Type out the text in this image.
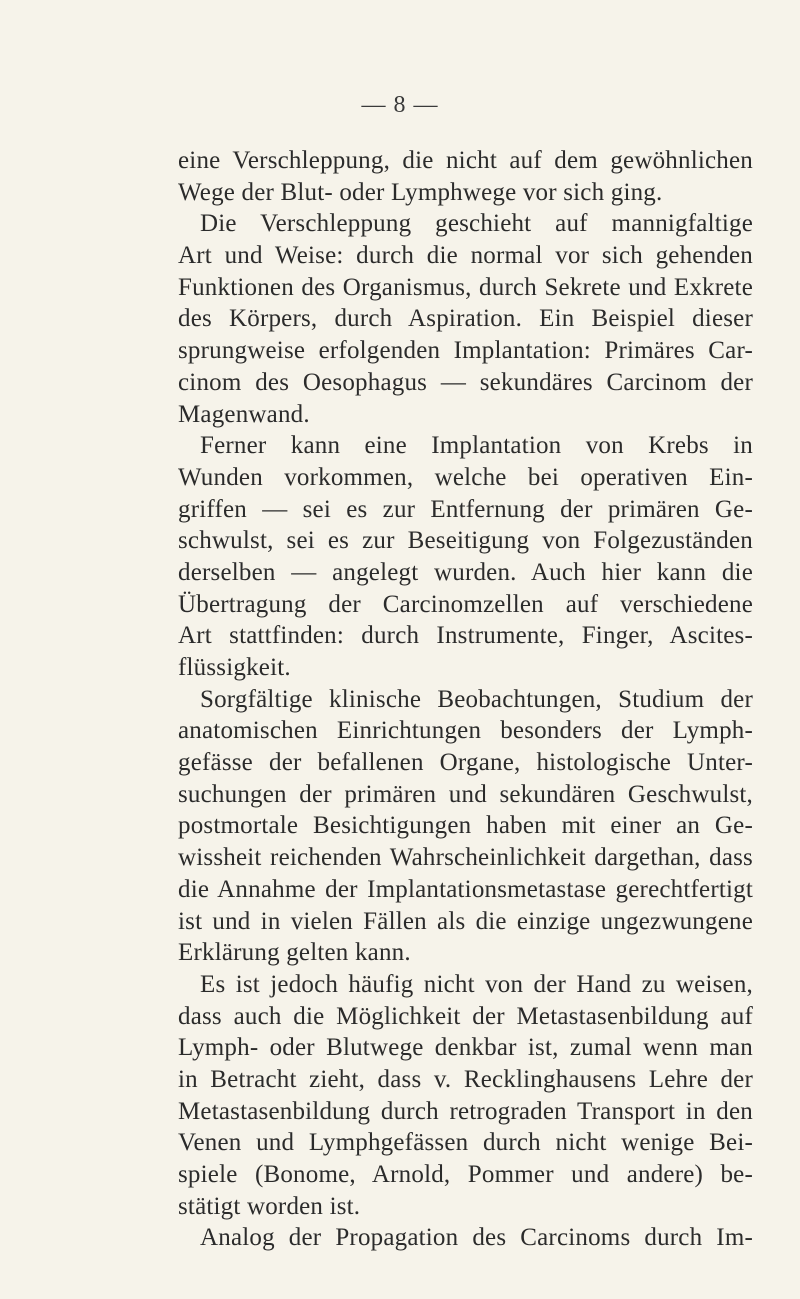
— 8 —
eine Verschleppung, die nicht auf dem gewöhnlichen
Wege der Blut- oder Lymphwege vor sich ging.
Die Verschleppung geschieht auf mannigfaltige
Art und Weise: durch die normal vor sich gehenden
Funktionen des Organismus, durch Sekrete und Exkrete
des Körpers, durch Aspiration. Ein Beispiel dieser
sprungweise erfolgenden Implantation: Primäres Car-
cinom des Oesophagus — sekundäres Carcinom der
Magenwand.
Ferner kann eine Implantation von Krebs in
Wunden vorkommen, welche bei operativen Ein-
griffen — sei es zur Entfernung der primären Ge-
schwulst, sei es zur Beseitigung von Folgezuständen
derselben — angelegt wurden. Auch hier kann die
Übertragung der Carcinomzellen auf verschiedene
Art stattfinden: durch Instrumente, Finger, Ascites-
flüssigkeit.
Sorgfältige klinische Beobachtungen, Studium der
anatomischen Einrichtungen besonders der Lymph-
gefässe der befallenen Organe, histologische Unter-
suchungen der primären und sekundären Geschwulst,
postmortale Besichtigungen haben mit einer an Ge-
wissheit reichenden Wahrscheinlichkeit dargethan, dass
die Annahme der Implantationsmetastase gerechtfertigt
ist und in vielen Fällen als die einzige ungezwungene
Erklärung gelten kann.
Es ist jedoch häufig nicht von der Hand zu weisen,
dass auch die Möglichkeit der Metastasenbildung auf
Lymph- oder Blutwege denkbar ist, zumal wenn man
in Betracht zieht, dass v. Recklinghausens Lehre der
Metastasenbildung durch retrograden Transport in den
Venen und Lymphgefässen durch nicht wenige Bei-
spiele (Bonome, Arnold, Pommer und andere) be-
stätigt worden ist.
Analog der Propagation des Carcinoms durch Im-
